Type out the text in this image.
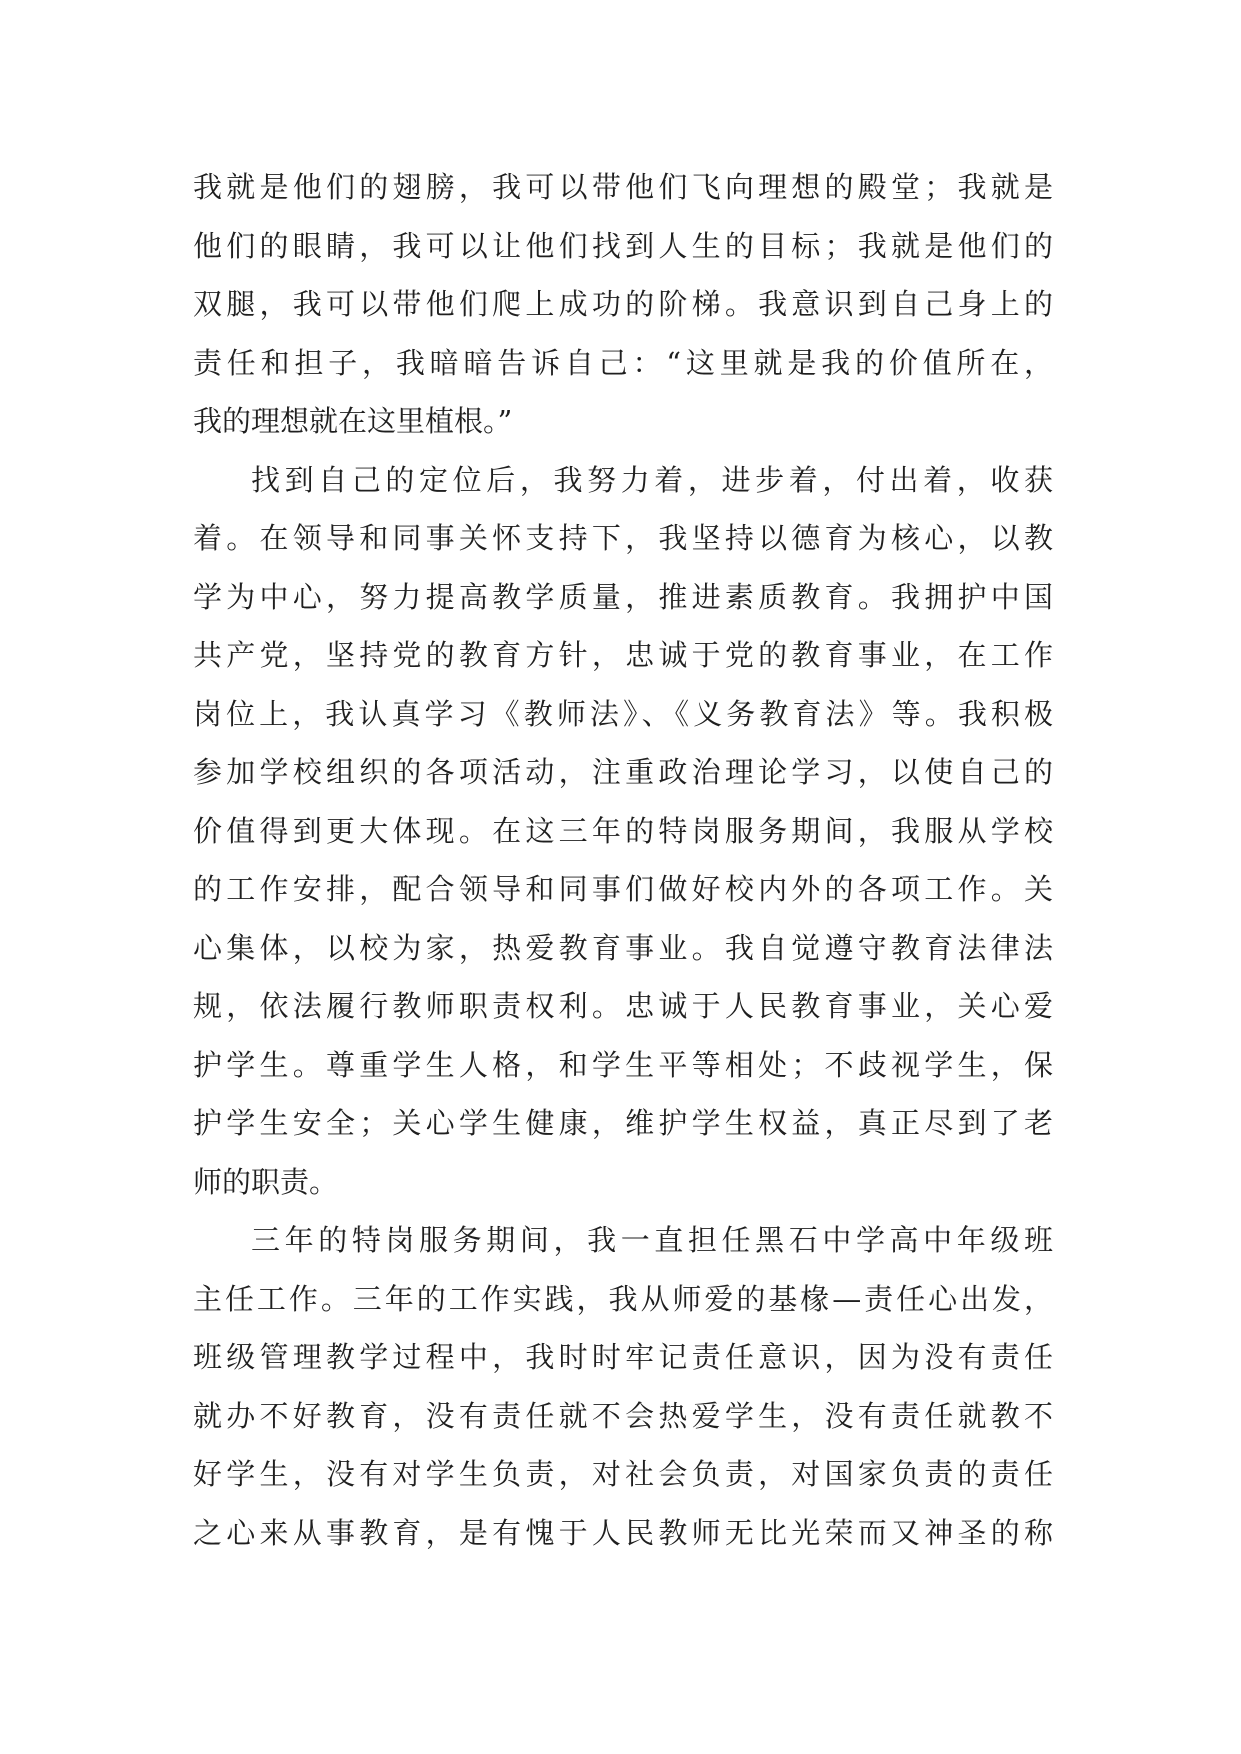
我就是他们的翅膀，我可以带他们飞向理想的殿堂；我就是
他们的眼睛，我可以让他们找到人生的目标；我就是他们的
双腿，我可以带他们爬上成功的阶梯。我意识到自己身上的
责任和担子，我暗暗告诉自己：“这里就是我的价值所在，
我的理想就在这里植根。”
找到自己的定位后，我努力着，进步着，付出着，收获
着。在领导和同事关怀支持下，我坚持以德育为核心，以教
学为中心，努力提高教学质量，推进素质教育。我拥护中国
共产党，坚持党的教育方针，忠诚于党的教育事业，在工作
岗位上，我认真学习《教师法》、《义务教育法》等。我积极
参加学校组织的各项活动，注重政治理论学习，以使自己的
价值得到更大体现。在这三年的特岗服务期间，我服从学校
的工作安排，配合领导和同事们做好校内外的各项工作。关
心集体，以校为家，热爱教育事业。我自觉遵守教育法律法
规，依法履行教师职责权利。忠诚于人民教育事业，关心爱
护学生。尊重学生人格，和学生平等相处；不歧视学生，保
护学生安全；关心学生健康，维护学生权益，真正尽到了老
师的职责。
三年的特岗服务期间，我一直担任黑石中学高中年级班
主任工作。三年的工作实践，我从师爱的基椽—责任心出发，
班级管理教学过程中，我时时牢记责任意识，因为没有责任
就办不好教育，没有责任就不会热爱学生，没有责任就教不
好学生，没有对学生负责，对社会负责，对国家负责的责任
之心来从事教育，是有愧于人民教师无比光荣而又神圣的称
